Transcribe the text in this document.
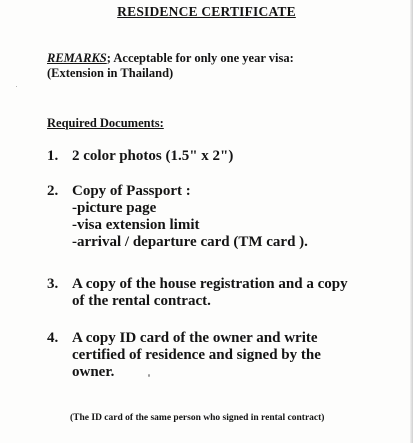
RESIDENCE CERTIFICATE
REMARKS; Acceptable for only one year visa:
(Extension in Thailand)
Required Documents:
1. 2 color photos (1.5" x 2")
2. Copy of Passport :
-picture page
-visa extension limit
-arrival / departure card (TM card ).
3. A copy of the house registration and a copy
of the rental contract.
4. A copy ID card of the owner and write
certified of residence and signed by the
owner.
(The ID card of the same person who signed in rental contract)
